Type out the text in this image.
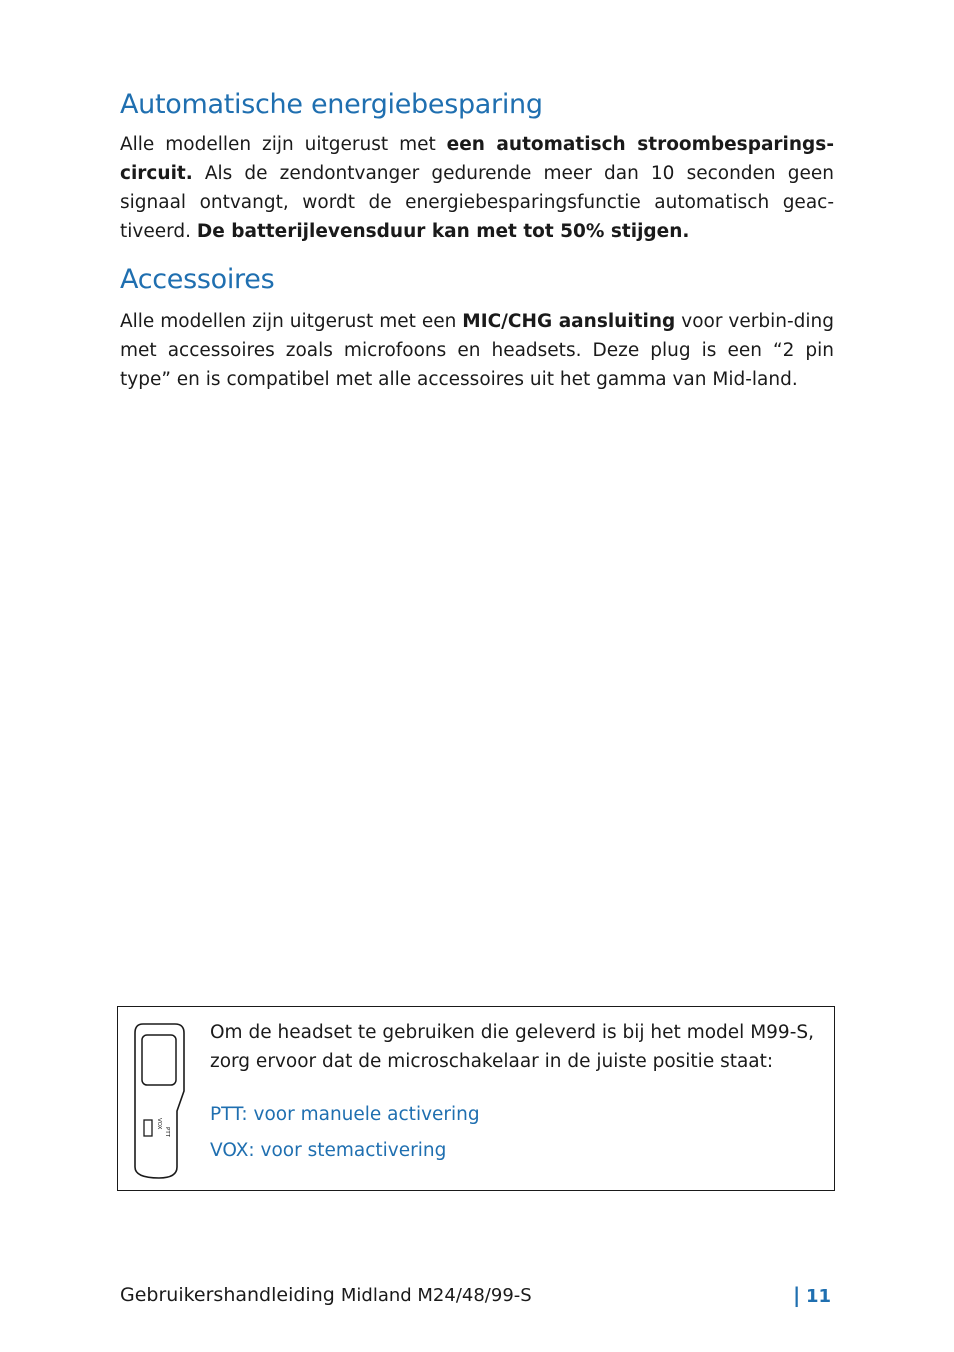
Automatische energiebesparing

Alle modellen zijn uitgerust met een automatisch stroombesparings-circuit. Als de zendontvanger gedurende meer dan 10 seconden geen signaal ontvangt, wordt de energiebesparingsfunctie automatisch geac-tiveerd. De batterijlevensduur kan met tot 50% stijgen.

Accessoires

Alle modellen zijn uitgerust met een MIC/CHG aansluiting voor verbin-ding met accessoires zoals microfoons en headsets. Deze plug is een “2 pin type” en is compatibel met alle accessoires uit het gamma van Mid-land.

VOX
PTT

Om de headset te gebruiken die geleverd is bij het model M99-S, zorg ervoor dat de microschakelaar in de juiste positie staat:

PTT: voor manuele activering

VOX: voor stemactivering

Gebruikershandleiding Midland M24/48/99-S	| 11
